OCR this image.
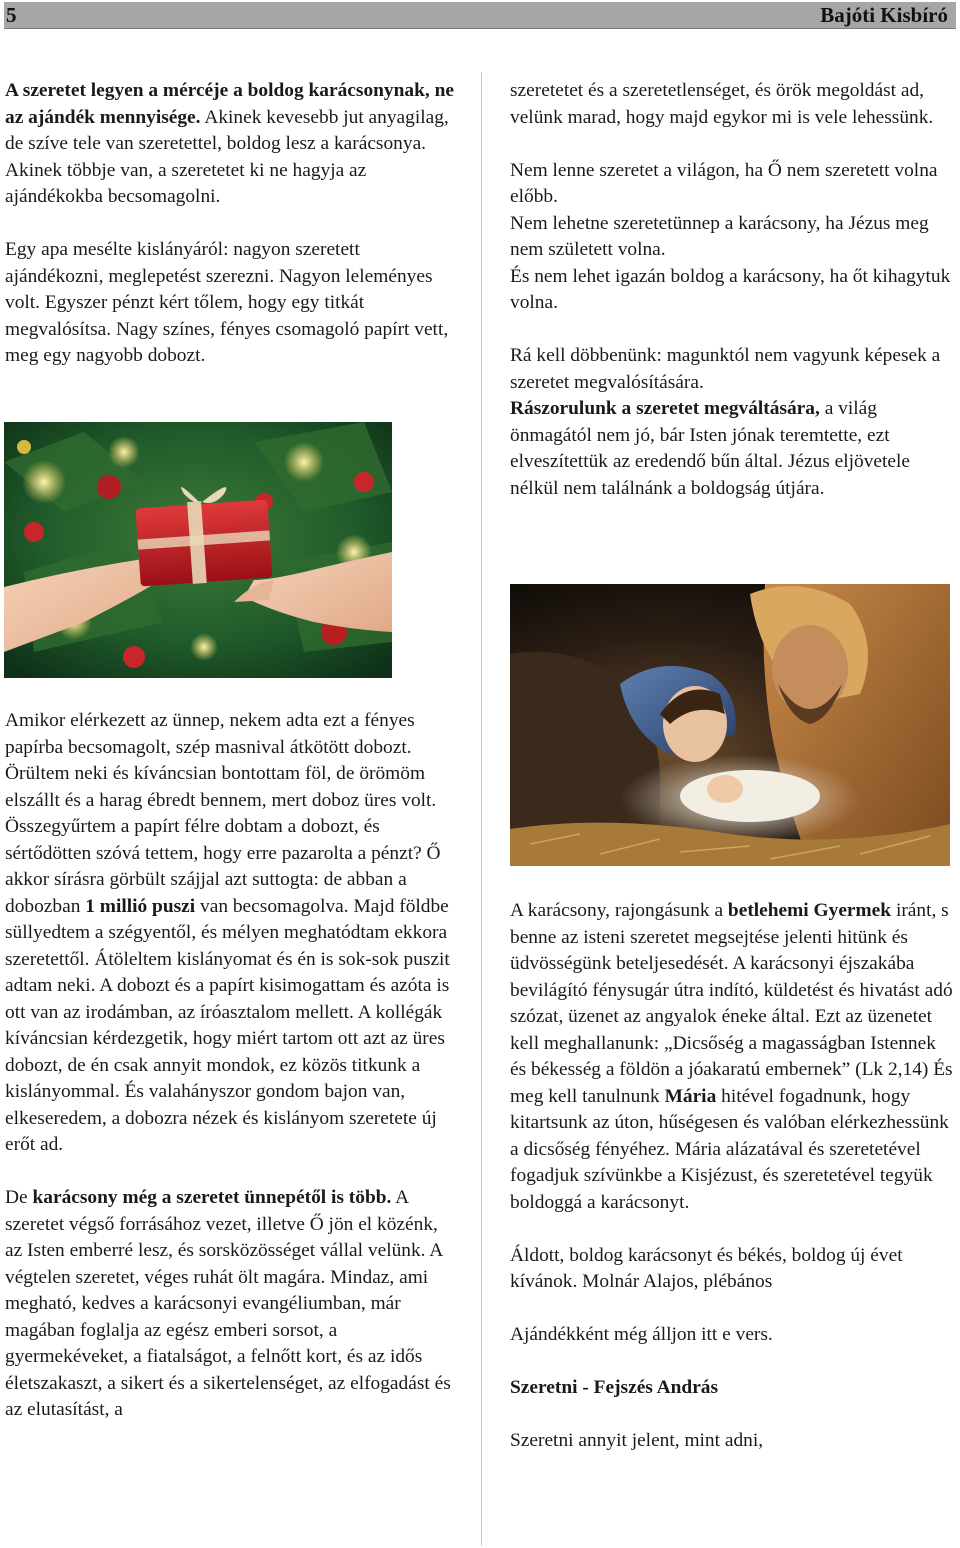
5	Bajóti Kisbíró

A szeretet legyen a mércéje a boldog karácsonynak, ne az ajándék mennyisége. Akinek kevesebb jut anyagilag, de szíve tele van szeretettel, boldog lesz a karácsonya. Akinek többje van, a szeretetet ki ne hagyja az ajándékokba becsomagolni.

Egy apa mesélte kislányáról: nagyon szeretett ajándékozni, meglepetést szerezni. Nagyon leleményes volt. Egyszer pénzt kért tőlem, hogy egy titkát megvalósítsa. Nagy színes, fényes csomagoló papírt vett, meg egy nagyobb dobozt.

Amikor elérkezett az ünnep, nekem adta ezt a fényes papírba becsomagolt, szép masnival átkötött dobozt. Örültem neki és kíváncsian bontottam föl, de örömöm elszállt és a harag ébredt bennem, mert doboz üres volt. Összegyűrtem a papírt félre dobtam a dobozt, és sértődötten szóvá tettem, hogy erre pazarolta a pénzt? Ő akkor sírásra görbült szájjal azt suttogta: de abban a dobozban 1 millió puszi van becsomagolva. Majd földbe süllyedtem a szégyentől, és mélyen meghatódtam ekkora szeretettől. Átöleltem kislányomat és én is sok-sok puszit adtam neki. A dobozt és a papírt kisimogattam és azóta is ott van az irodámban, az íróasztalom mellett. A kollégák kíváncsian kérdezgetik, hogy miért tartom ott azt az üres dobozt, de én csak annyit mondok, ez közös titkunk a kislányommal. És valahányszor gondom bajon van, elkeseredem, a dobozra nézek és kislányom szeretete új erőt ad.

De karácsony még a szeretet ünnepétől is több. A szeretet végső forrásához vezet, illetve Ő jön el közénk, az Isten emberré lesz, és sorsközösséget vállal velünk. A végtelen szeretet, véges ruhát ölt magára. Mindaz, ami megható, kedves a karácsonyi evangéliumban, már magában foglalja az egész emberi sorsot, a gyermekéveket, a fiatalságot, a felnőtt kort, és az idős életszakaszt, a sikert és a sikertelenséget, az elfogadást és az elutasítást, a

szeretetet és a szeretetlenséget, és örök megoldást ad, velünk marad, hogy majd egykor mi is vele lehessünk.

Nem lenne szeretet a világon, ha Ő nem szeretett volna előbb.

Nem lehetne szeretetünnep a karácsony, ha Jézus meg nem született volna.

És nem lehet igazán boldog a karácsony, ha őt kihagytuk volna.

Rá kell döbbenünk: magunktól nem vagyunk képesek a szeretet megvalósítására.

Rászorulunk a szeretet megváltására, a világ önmagától nem jó, bár Isten jónak teremtette, ezt elveszítettük az eredendő bűn által. Jézus eljövetele nélkül nem találnánk a boldogság útjára.

A karácsony, rajongásunk a betlehemi Gyermek iránt, s benne az isteni szeretet megsejtése jelenti hitünk és üdvösségünk beteljesedését. A karácsonyi éjszakába bevilágító fénysugár útra indító, küldetést és hivatást adó szózat, üzenet az angyalok éneke által. Ezt az üzenetet kell meghallanunk: „Dicsőség a magasságban Istennek és békesség a földön a jóakaratú embernek” (Lk 2,14) És meg kell tanulnunk Mária hitével fogadnunk, hogy kitartsunk az úton, hűségesen és valóban elérkezhessünk a dicsőség fényéhez. Mária alázatával és szeretetével fogadjuk szívünkbe a Kisjézust, és szeretetével tegyük boldoggá a karácsonyt.

Áldott, boldog karácsonyt és békés, boldog új évet kívánok. Molnár Alajos, plébános

Ajándékként még álljon itt e vers.

Szeretni - Fejszés András

Szeretni annyit jelent, mint adni,
